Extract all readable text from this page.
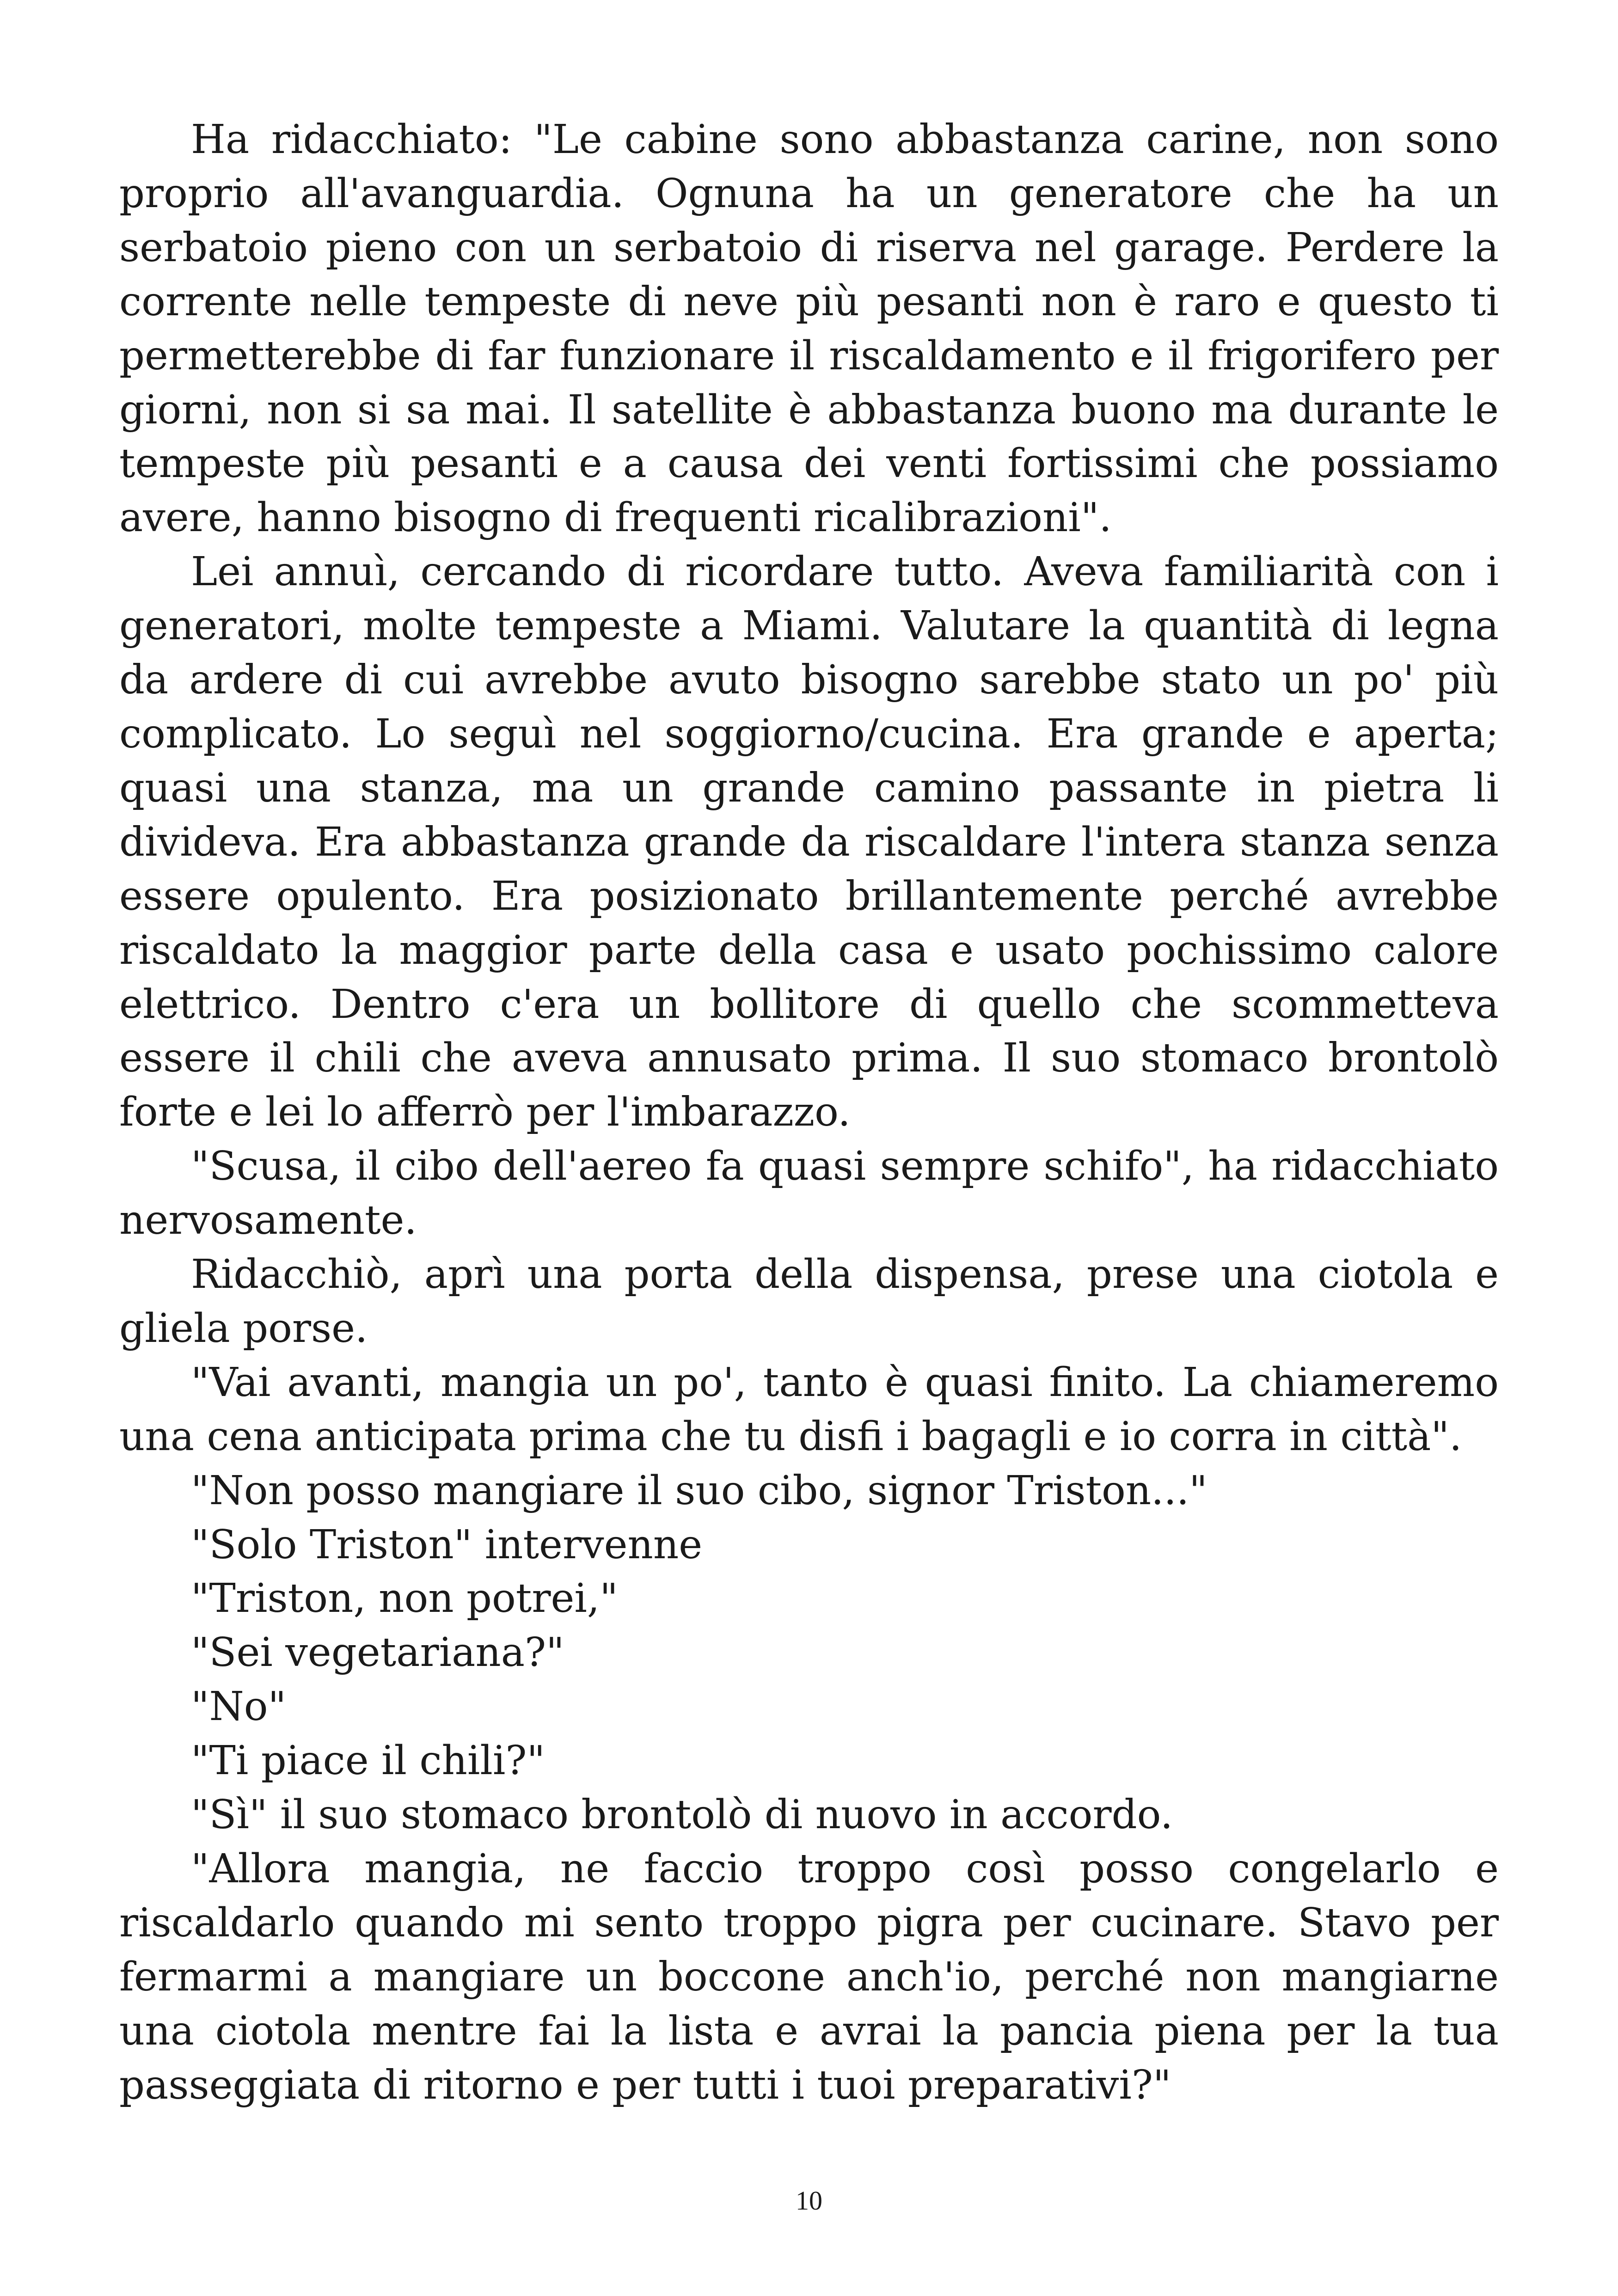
Ha ridacchiato: "Le cabine sono abbastanza carine, non sono proprio all'avanguardia. Ognuna ha un generatore che ha un serbatoio pieno con un serbatoio di riserva nel garage. Perdere la corrente nelle tempeste di neve più pesanti non è raro e questo ti permetterebbe di far funzionare il riscaldamento e il frigorifero per giorni, non si sa mai. Il satellite è abbastanza buono ma durante le tempeste più pesanti e a causa dei venti fortissimi che possiamo avere, hanno bisogno di frequenti ricalibrazioni".

Lei annuì, cercando di ricordare tutto. Aveva familiarità con i generatori, molte tempeste a Miami. Valutare la quantità di legna da ardere di cui avrebbe avuto bisogno sarebbe stato un po' più complicato. Lo seguì nel soggiorno/cucina. Era grande e aperta; quasi una stanza, ma un grande camino passante in pietra li divideva. Era abbastanza grande da riscaldare l'intera stanza senza essere opulento. Era posizionato brillantemente perché avrebbe riscaldato la maggior parte della casa e usato pochissimo calore elettrico. Dentro c'era un bollitore di quello che scommetteva essere il chili che aveva annusato prima. Il suo stomaco brontolò forte e lei lo afferrò per l'imbarazzo.

"Scusa, il cibo dell'aereo fa quasi sempre schifo", ha ridacchiato nervosamente.

Ridacchiò, aprì una porta della dispensa, prese una ciotola e gliela porse.

"Vai avanti, mangia un po', tanto è quasi finito. La chiameremo una cena anticipata prima che tu disfi i bagagli e io corra in città".

"Non posso mangiare il suo cibo, signor Triston..."

"Solo Triston" intervenne

"Triston, non potrei,"

"Sei vegetariana?"

"No"

"Ti piace il chili?"

"Sì" il suo stomaco brontolò di nuovo in accordo.

"Allora mangia, ne faccio troppo così posso congelarlo e riscaldarlo quando mi sento troppo pigra per cucinare. Stavo per fermarmi a mangiare un boccone anch'io, perché non mangiarne una ciotola mentre fai la lista e avrai la pancia piena per la tua passeggiata di ritorno e per tutti i tuoi preparativi?"

10
